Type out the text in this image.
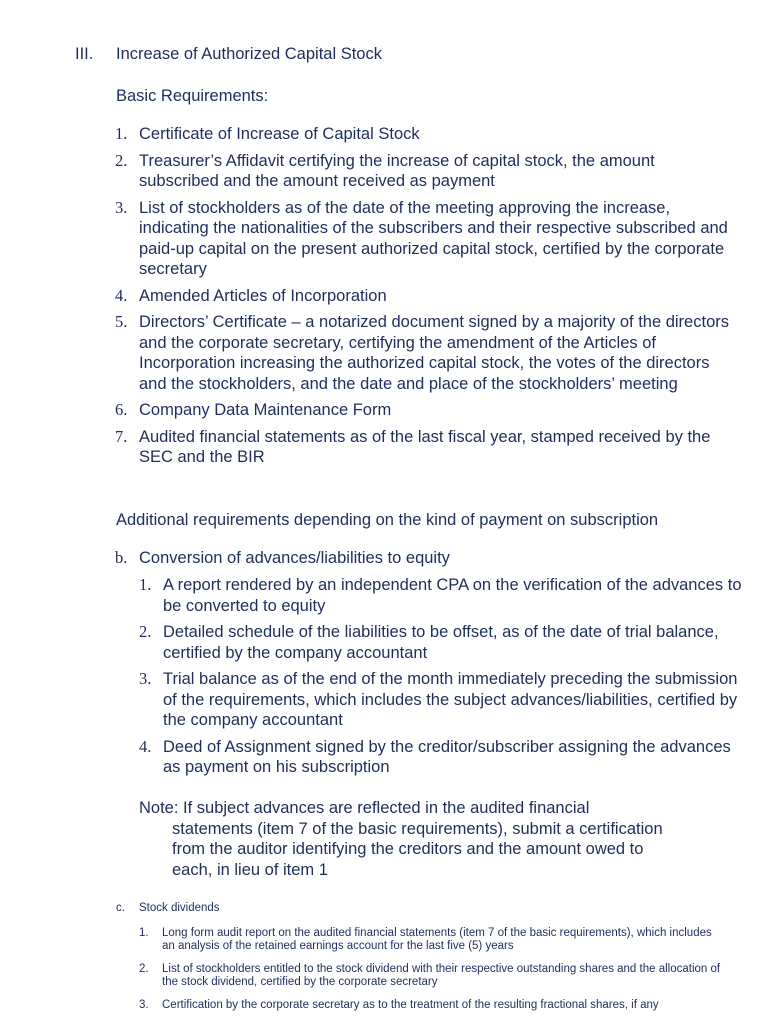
III. Increase of Authorized Capital Stock
Basic Requirements:
1. Certificate of Increase of Capital Stock
2. Treasurer’s Affidavit certifying the increase of capital stock, the amount subscribed and the amount received as payment
3. List of stockholders as of the date of the meeting approving the increase, indicating the nationalities of the subscribers and their respective subscribed and paid-up capital on the present authorized capital stock, certified by the corporate secretary
4. Amended Articles of Incorporation
5. Directors’ Certificate – a notarized document signed by a majority of the directors and the corporate secretary, certifying the amendment of the Articles of Incorporation increasing the authorized capital stock, the votes of the directors and the stockholders, and the date and place of the stockholders’ meeting
6. Company Data Maintenance Form
7. Audited financial statements as of the last fiscal year, stamped received by the SEC and the BIR
Additional requirements depending on the kind of payment on subscription
b. Conversion of advances/liabilities to equity
1. A report rendered by an independent CPA on the verification of the advances to be converted to equity
2. Detailed schedule of the liabilities to be offset, as of the date of trial balance, certified by the company accountant
3. Trial balance as of the end of the month immediately preceding the submission of the requirements, which includes the subject advances/liabilities, certified by the company accountant
4. Deed of Assignment signed by the creditor/subscriber assigning the advances as payment on his subscription
Note: If subject advances are reflected in the audited financial
statements (item 7 of the basic requirements), submit a certification
from the auditor identifying the creditors and the amount owed to
each, in lieu of item 1
c. Stock dividends
1. Long form audit report on the audited financial statements (item 7 of the basic requirements), which includes an analysis of the retained earnings account for the last five (5) years
2. List of stockholders entitled to the stock dividend with their respective outstanding shares and the allocation of the stock dividend, certified by the corporate secretary
3. Certification by the corporate secretary as to the treatment of the resulting fractional shares, if any
